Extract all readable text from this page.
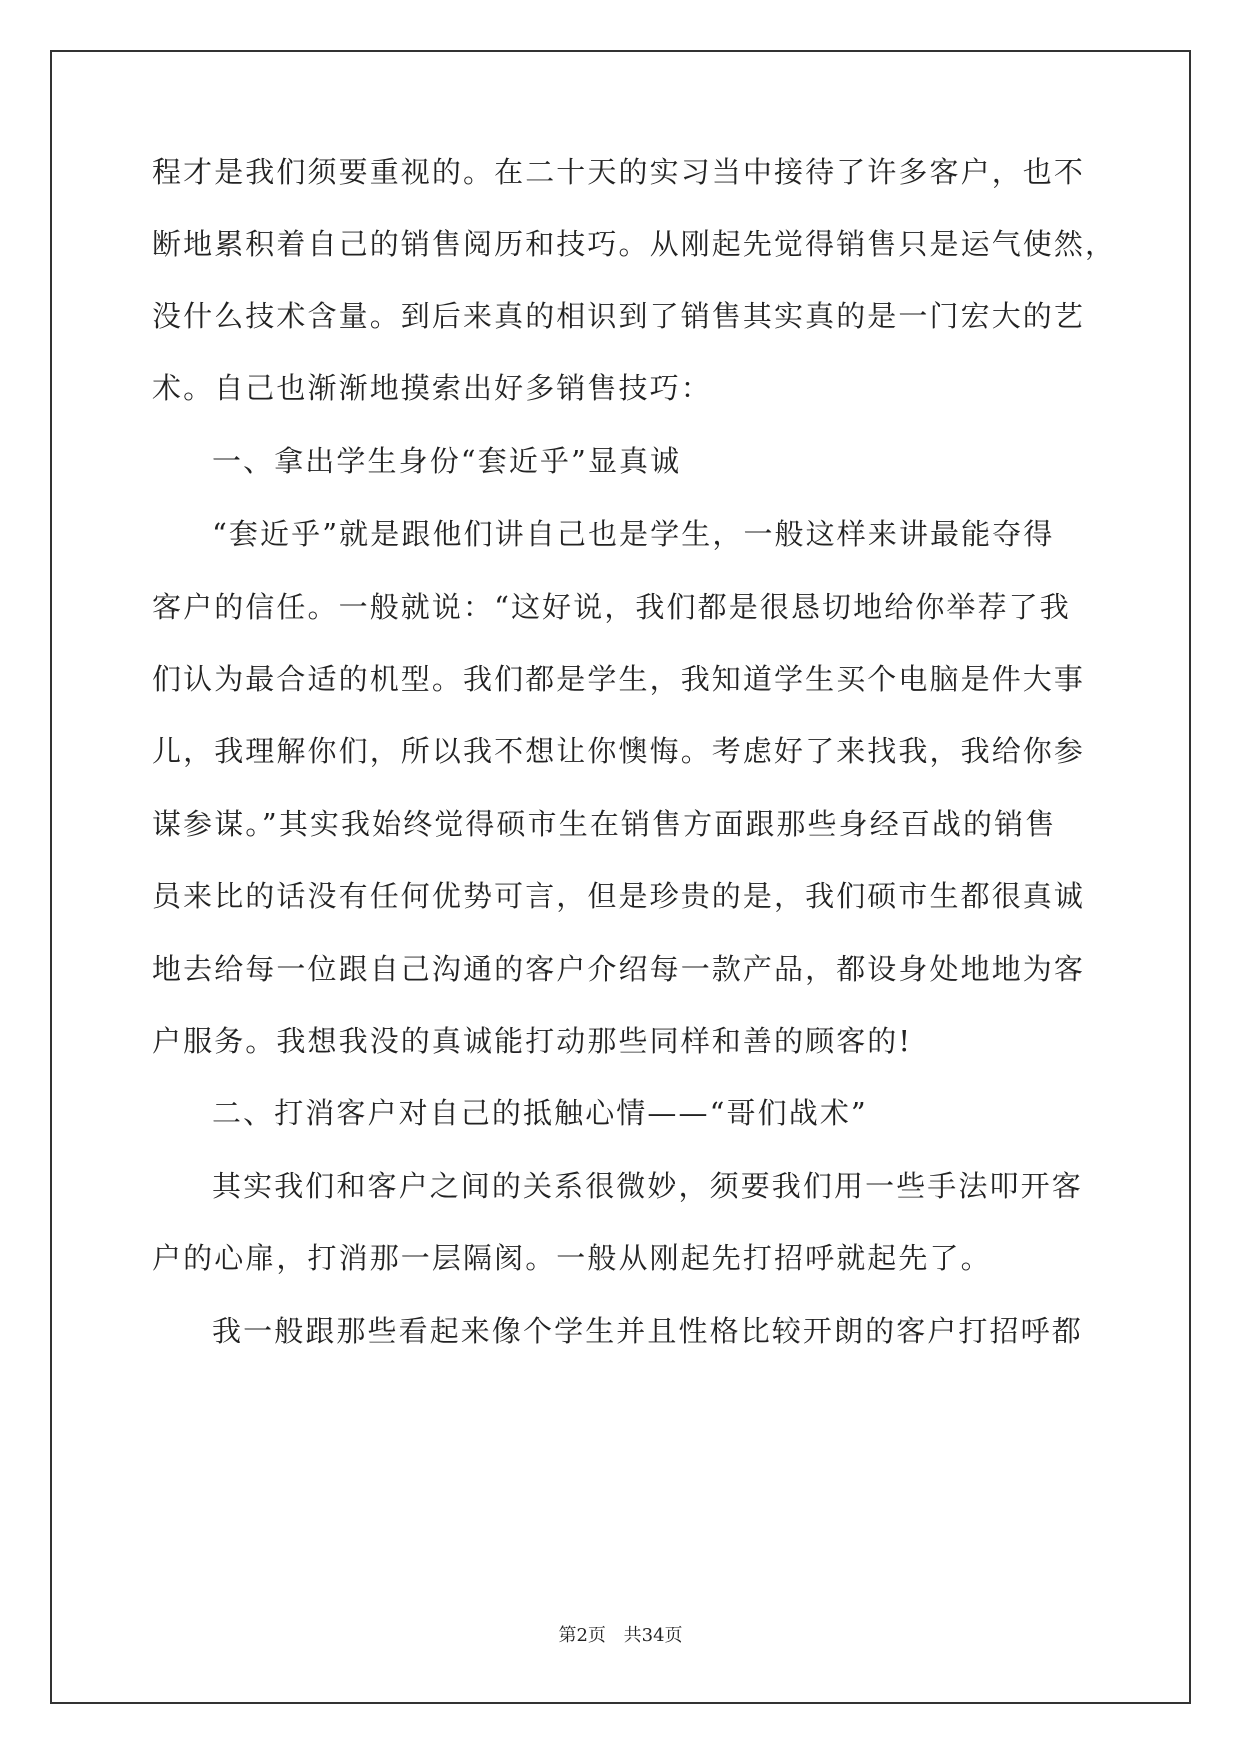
程才是我们须要重视的。在二十天的实习当中接待了许多客户，也不
断地累积着自己的销售阅历和技巧。从刚起先觉得销售只是运气使然，
没什么技术含量。到后来真的相识到了销售其实真的是一门宏大的艺
术。自己也渐渐地摸索出好多销售技巧：
一、拿出学生身份“套近乎”显真诚
“套近乎”就是跟他们讲自己也是学生，一般这样来讲最能夺得
客户的信任。一般就说：“这好说，我们都是很恳切地给你举荐了我
们认为最合适的机型。我们都是学生，我知道学生买个电脑是件大事
儿，我理解你们，所以我不想让你懊悔。考虑好了来找我，我给你参
谋参谋。”其实我始终觉得硕市生在销售方面跟那些身经百战的销售
员来比的话没有任何优势可言，但是珍贵的是，我们硕市生都很真诚
地去给每一位跟自己沟通的客户介绍每一款产品，都设身处地地为客
户服务。我想我没的真诚能打动那些同样和善的顾客的!
二、打消客户对自己的抵触心情——“哥们战术”
其实我们和客户之间的关系很微妙，须要我们用一些手法叩开客
户的心扉，打消那一层隔阂。一般从刚起先打招呼就起先了。
我一般跟那些看起来像个学生并且性格比较开朗的客户打招呼都
第2页 共34页
